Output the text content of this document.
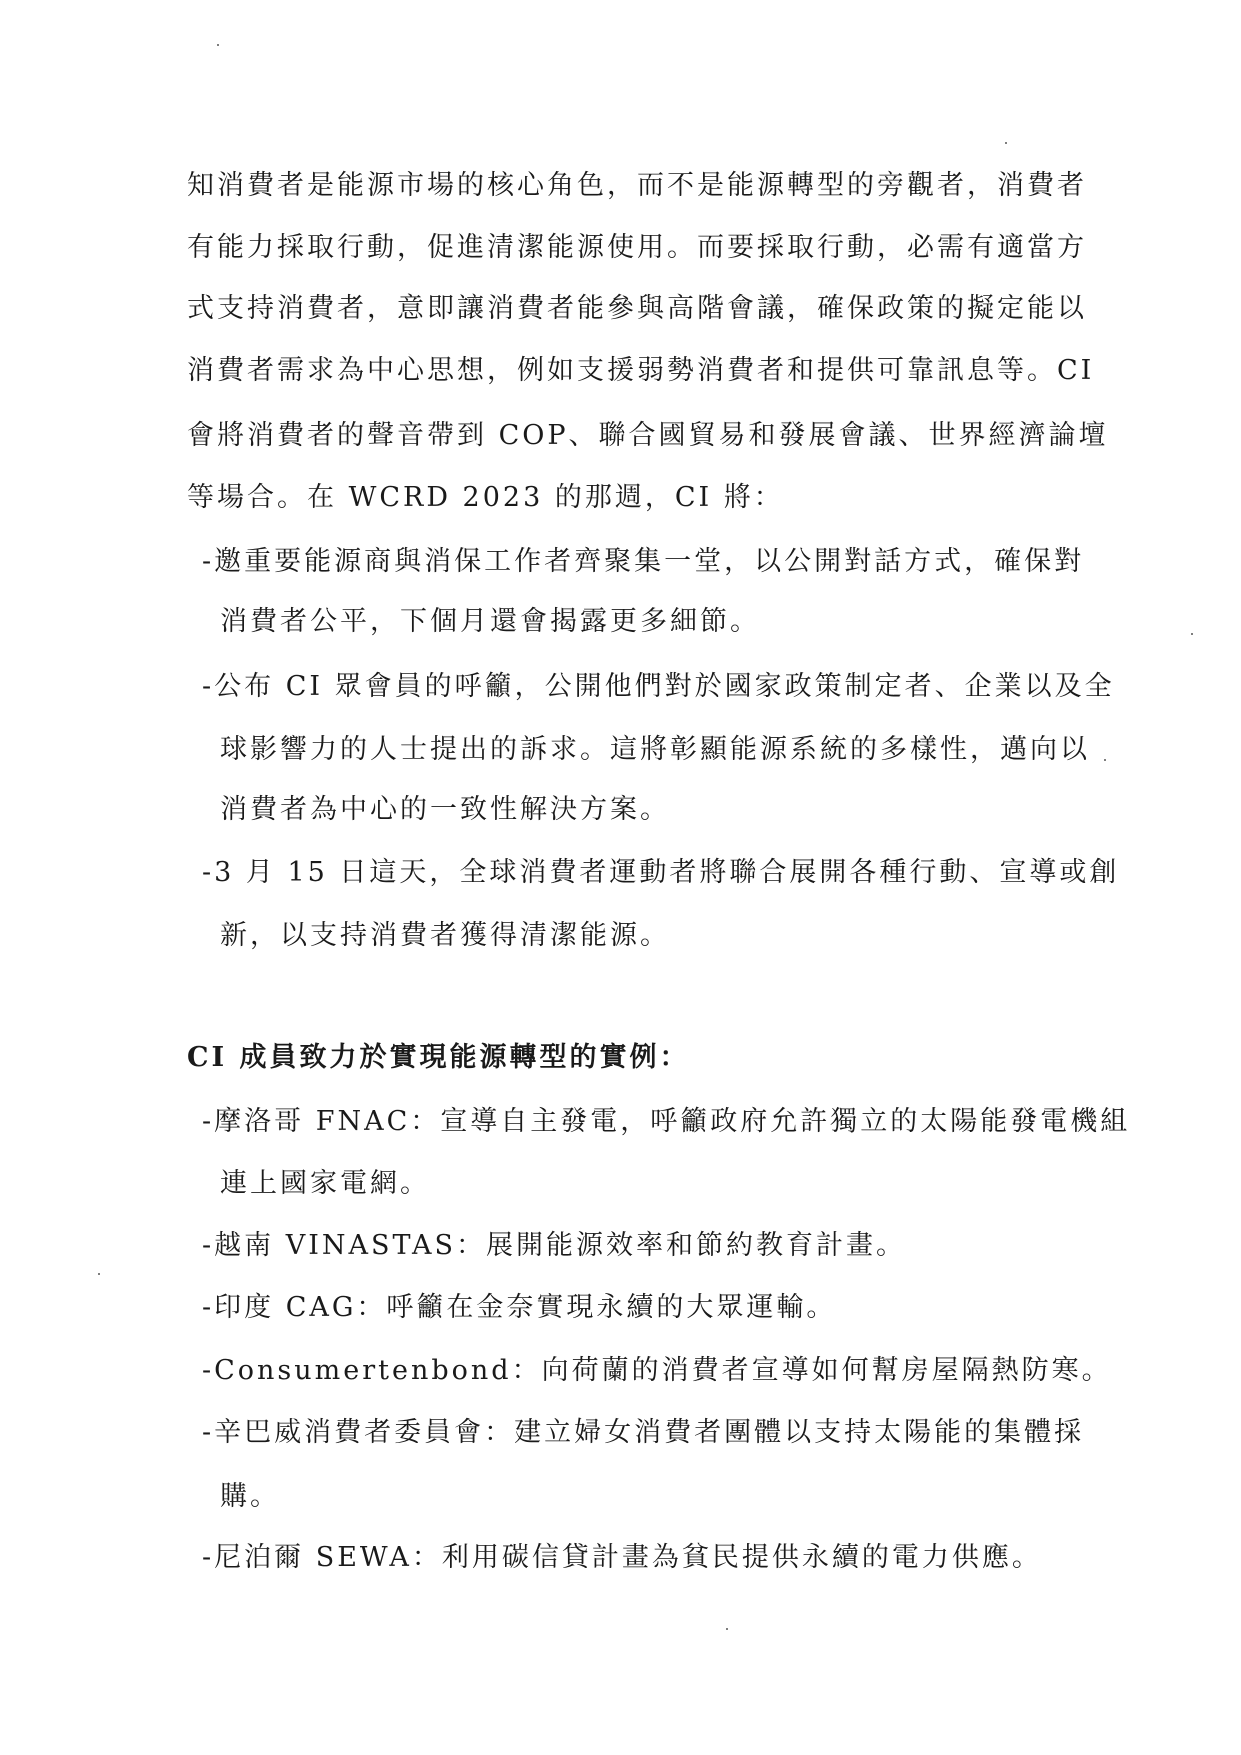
知消費者是能源市場的核心角色，而不是能源轉型的旁觀者，消費者
有能力採取行動，促進清潔能源使用。而要採取行動，必需有適當方
式支持消費者，意即讓消費者能參與高階會議，確保政策的擬定能以
消費者需求為中心思想，例如支援弱勢消費者和提供可靠訊息等。CI
會將消費者的聲音帶到 COP、聯合國貿易和發展會議、世界經濟論壇
等場合。在 WCRD 2023 的那週，CI 將：
-邀重要能源商與消保工作者齊聚集一堂，以公開對話方式，確保對
消費者公平，下個月還會揭露更多細節。
-公布 CI 眾會員的呼籲，公開他們對於國家政策制定者、企業以及全
球影響力的人士提出的訴求。這將彰顯能源系統的多樣性，邁向以
消費者為中心的一致性解決方案。
-3 月 15 日這天，全球消費者運動者將聯合展開各種行動、宣導或創
新，以支持消費者獲得清潔能源。
CI 成員致力於實現能源轉型的實例：
-摩洛哥 FNAC：宣導自主發電，呼籲政府允許獨立的太陽能發電機組
連上國家電網。
-越南 VINASTAS：展開能源效率和節約教育計畫。
-印度 CAG：呼籲在金奈實現永續的大眾運輸。
-Consumertenbond：向荷蘭的消費者宣導如何幫房屋隔熱防寒。
-辛巴威消費者委員會：建立婦女消費者團體以支持太陽能的集體採
購。
-尼泊爾 SEWA：利用碳信貸計畫為貧民提供永續的電力供應。
